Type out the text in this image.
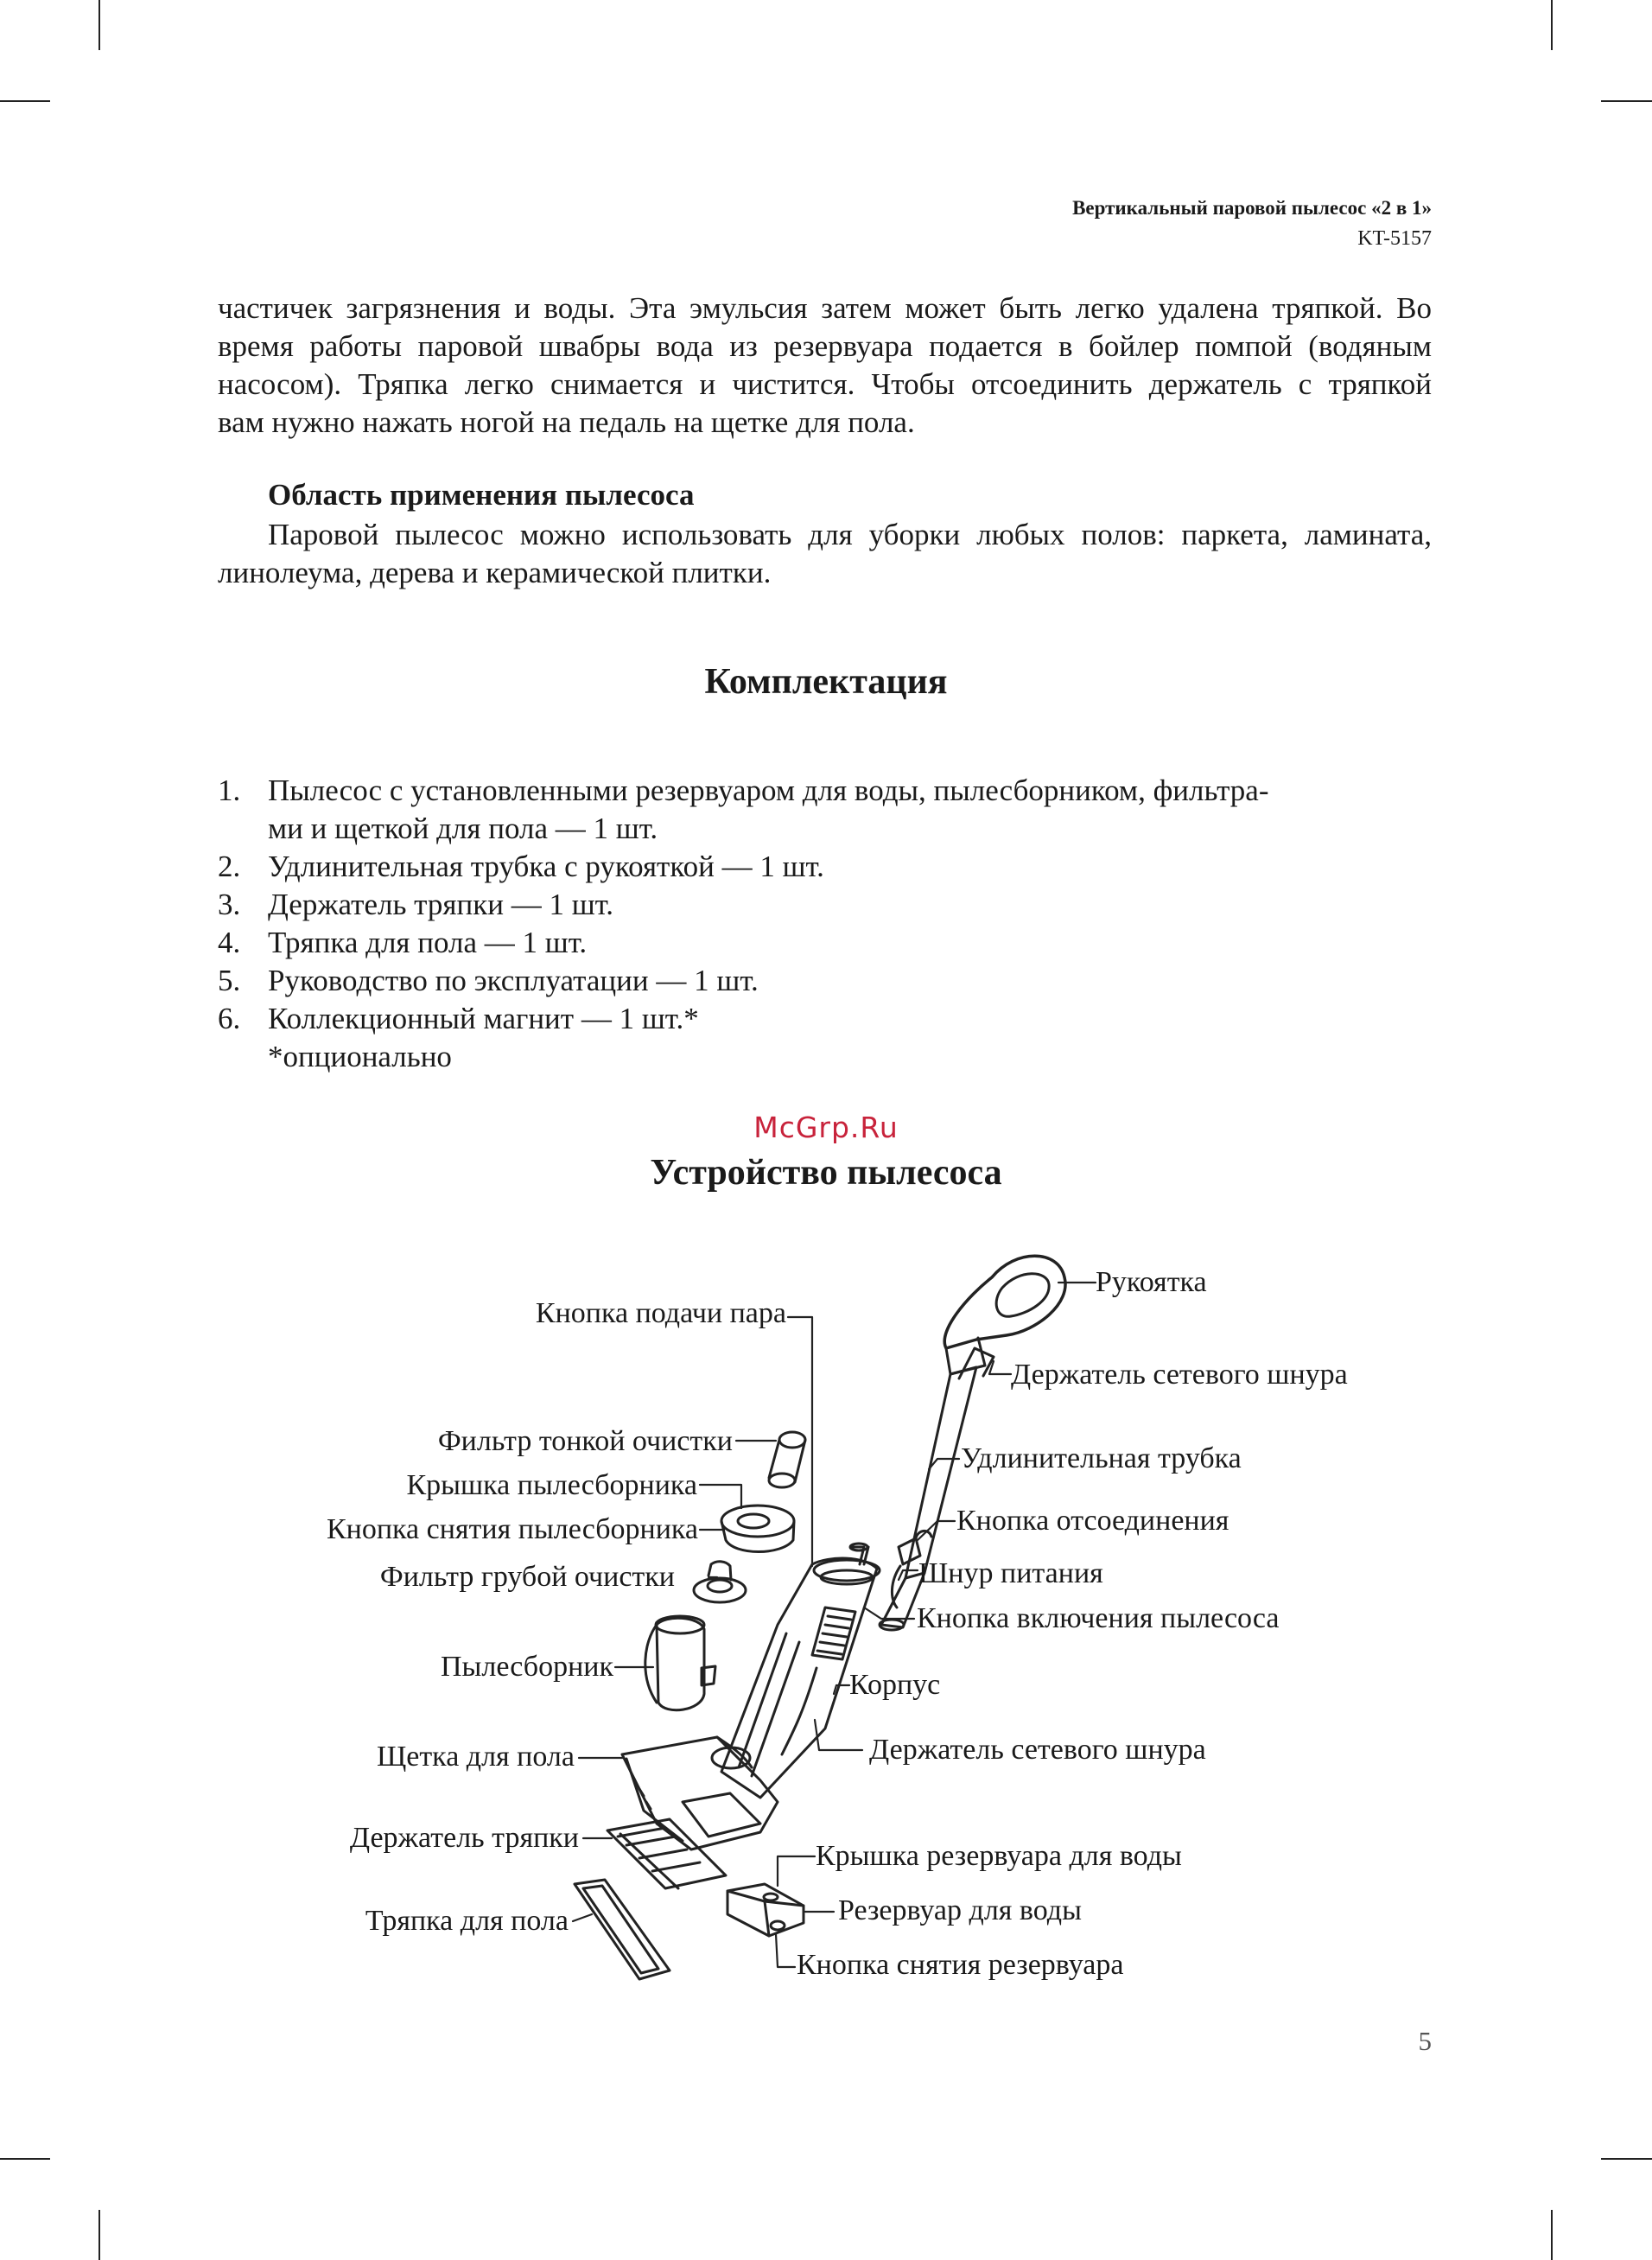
Вертикальный паровой пылесос «2 в 1»
KT-5157
частичек загрязнения и воды. Эта эмульсия затем может быть легко удалена тряпкой. Во
время работы паровой швабры вода из резервуара подается в бойлер помпой (водяным
насосом). Тряпка легко снимается и чистится. Чтобы отсоединить держатель с тряпкой
вам нужно нажать ногой на педаль на щетке для пола.
Область применения пылесоса
Паровой пылесос можно использовать для уборки любых полов: паркета, ламината,
линолеума, дерева и керамической плитки.
Комплектация
1. Пылесос с установленными резервуаром для воды, пылесборником, фильтра-
ми и щеткой для пола — 1 шт.
2. Удлинительная трубка с рукояткой — 1 шт.
3. Держатель тряпки — 1 шт.
4. Тряпка для пола — 1 шт.
5. Руководство по эксплуатации — 1 шт.
6. Коллекционный магнит — 1 шт.*
*опционально
McGrp.Ru
Устройство пылесоса
Кнопка подачи пара
Фильтр тонкой очистки
Крышка пылесборника
Кнопка снятия пылесборника
Фильтр грубой очистки
Пылесборник
Щетка для пола
Держатель тряпки
Тряпка для пола
Рукоятка
Держатель сетевого шнура
Удлинительная трубка
Кнопка отсоединения
Шнур питания
Кнопка включения пылесоса
Корпус
Держатель сетевого шнура
Крышка резервуара для воды
Резервуар для воды
Кнопка снятия резервуара
5
